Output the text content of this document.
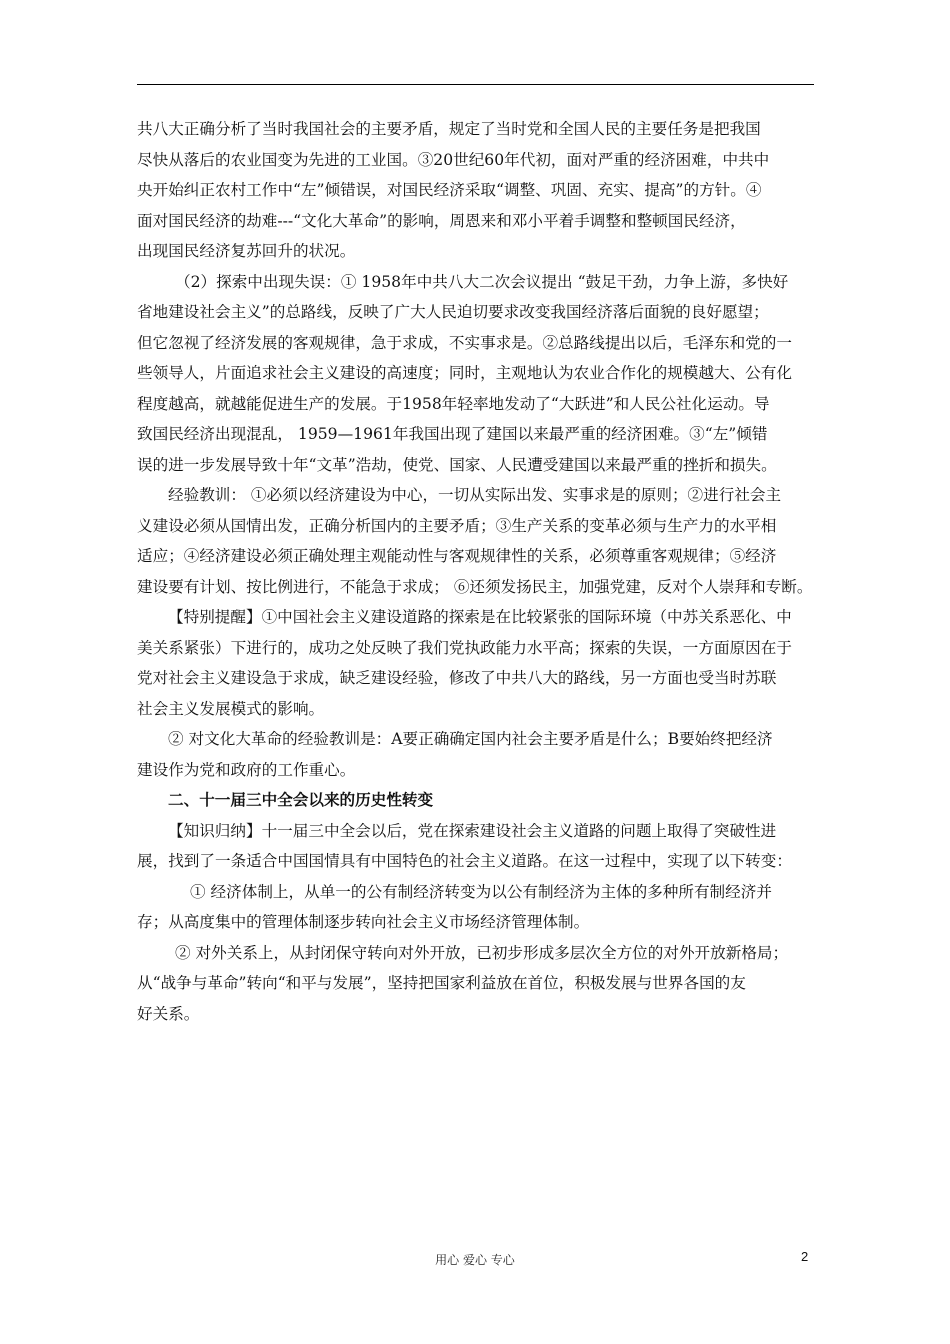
共八大正确分析了当时我国社会的主要矛盾，规定了当时党和全国人民的主要任务是把我国
尽快从落后的农业国变为先进的工业国。③20世纪60年代初，面对严重的经济困难，中共中
央开始纠正农村工作中“左”倾错误，对国民经济采取“调整、巩固、充实、提高”的方针。④
面对国民经济的劫难---“文化大革命”的影响，周恩来和邓小平着手调整和整顿国民经济，
出现国民经济复苏回升的状况。

（2）探索中出现失误：① 1958年中共八大二次会议提出 “鼓足干劲，力争上游，多快好
省地建设社会主义”的总路线，反映了广大人民迫切要求改变我国经济落后面貌的良好愿望；
但它忽视了经济发展的客观规律，急于求成，不实事求是。②总路线提出以后，毛泽东和党的一
些领导人，片面追求社会主义建设的高速度；同时，主观地认为农业合作化的规模越大、公有化
程度越高，就越能促进生产的发展。于1958年轻率地发动了“大跃进”和人民公社化运动。导
致国民经济出现混乱， 1959—1961年我国出现了建国以来最严重的经济困难。③“左”倾错
误的进一步发展导致十年“文革”浩劫，使党、国家、人民遭受建国以来最严重的挫折和损失。

经验教训： ①必须以经济建设为中心，一切从实际出发、实事求是的原则；②进行社会主
义建设必须从国情出发，正确分析国内的主要矛盾；③生产关系的变革必须与生产力的水平相
适应；④经济建设必须正确处理主观能动性与客观规律性的关系，必须尊重客观规律；⑤经济
建设要有计划、按比例进行，不能急于求成； ⑥还须发扬民主，加强党建，反对个人崇拜和专断。

【特别提醒】①中国社会主义建设道路的探索是在比较紧张的国际环境（中苏关系恶化、中
美关系紧张）下进行的，成功之处反映了我们党执政能力水平高；探索的失误，一方面原因在于
党对社会主义建设急于求成，缺乏建设经验，修改了中共八大的路线，另一方面也受当时苏联
社会主义发展模式的影响。

② 对文化大革命的经验教训是：A要正确确定国内社会主要矛盾是什么；B要始终把经济
建设作为党和政府的工作重心。

二、十一届三中全会以来的历史性转变

【知识归纳】十一届三中全会以后，党在探索建设社会主义道路的问题上取得了突破性进
展，找到了一条适合中国国情具有中国特色的社会主义道路。在这一过程中，实现了以下转变：

① 经济体制上，从单一的公有制经济转变为以公有制经济为主体的多种所有制经济并
存；从高度集中的管理体制逐步转向社会主义市场经济管理体制。

② 对外关系上，从封闭保守转向对外开放，已初步形成多层次全方位的对外开放新格局；
从“战争与革命”转向“和平与发展”，坚持把国家利益放在首位，积极发展与世界各国的友
好关系。

用心 爱心 专心	2
